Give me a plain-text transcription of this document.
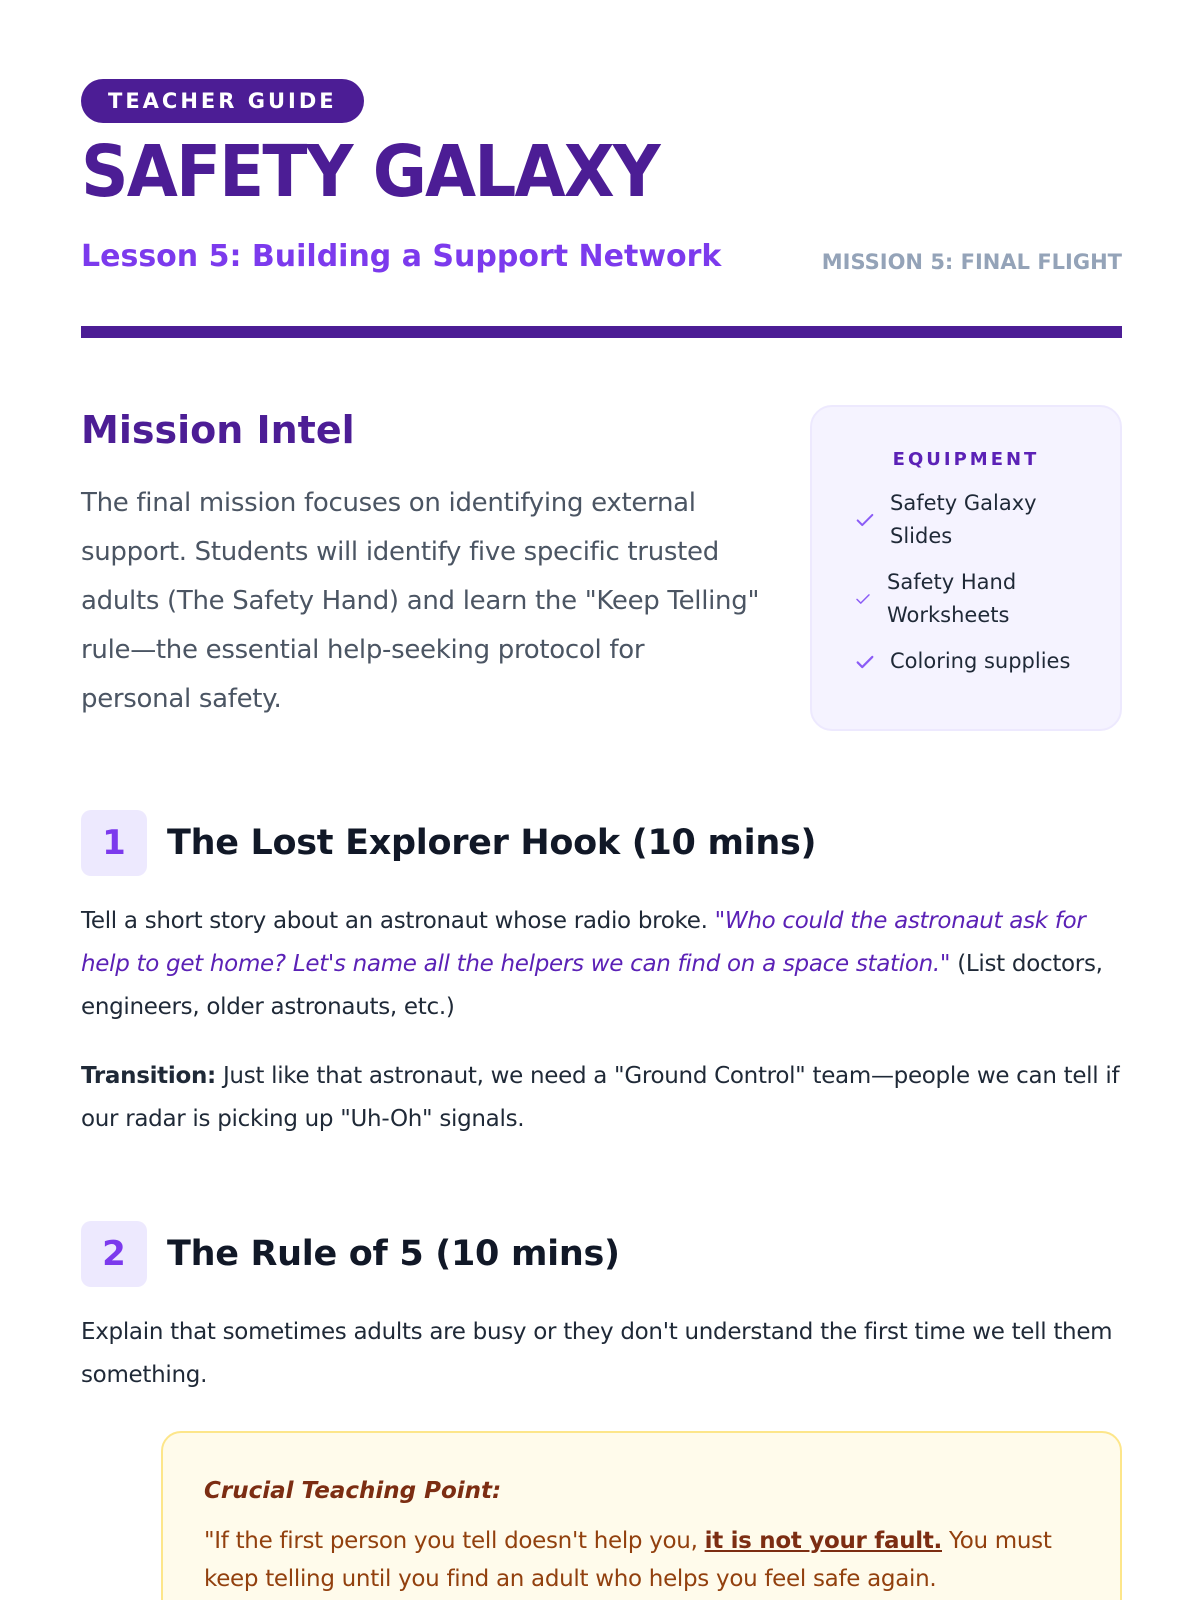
TEACHER GUIDE
SAFETY GALAXY
Lesson 5: Building a Support Network	MISSION 5: FINAL FLIGHT
Mission Intel

The final mission focuses on identifying external support. Students will identify five specific trusted adults (The Safety Hand) and learn the "Keep Telling" rule—the essential help-seeking protocol for personal safety.

EQUIPMENT
Safety Galaxy Slides
Safety Hand Worksheets
Coloring supplies
1	The Lost Explorer Hook (10 mins)

Tell a short story about an astronaut whose radio broke. "Who could the astronaut ask for help to get home? Let's name all the helpers we can find on a space station." (List doctors, engineers, older astronauts, etc.)

Transition: Just like that astronaut, we need a "Ground Control" team—people we can tell if our radar is picking up "Uh-Oh" signals.

2	The Rule of 5 (10 mins)

Explain that sometimes adults are busy or they don't understand the first time we tell them something.

Crucial Teaching Point:

"If the first person you tell doesn't help you, it is not your fault. You must keep telling until you find an adult who helps you feel safe again.
